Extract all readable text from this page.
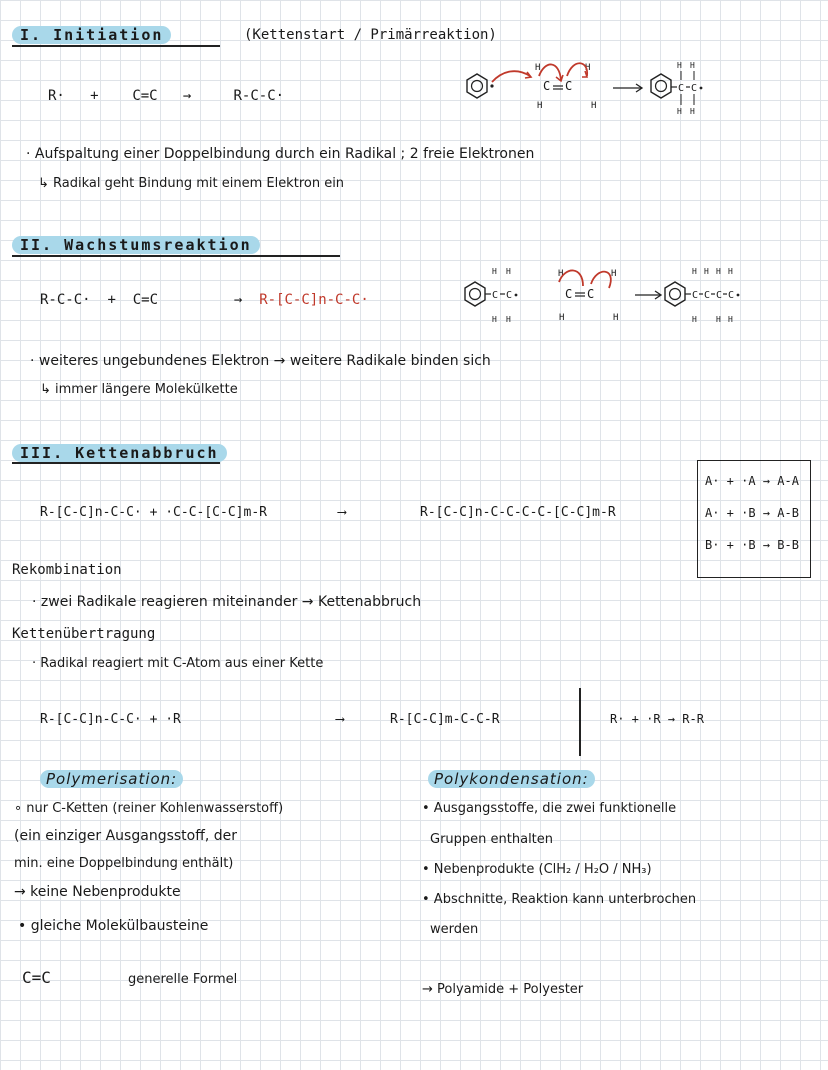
I. Initiation	(Kettenstart / Primärreaktion)
R· + C=C →	R-C-C·
H
C C
H
H	H
C C
H H
H H
· Aufspaltung einer Doppelbindung durch ein Radikal ; 2 freie Elektronen
↳ Radikal geht Bindung mit einem Elektron ein
II. Wachstumsreaktion
R-C-C· + C=C	→ R-[C-C]n-C-C·	C C
H H
H H
H
C C
H
H	H
C C C C
H H H H
H H H
· weiteres ungebundenes Elektron → weitere Radikale binden sich
↳ immer längere Molekülkette
III. Kettenabbruch
R-[C-C]n-C-C· + ·C-C-[C-C]m-R	⟶	R-[C-C]n-C-C-C-C-[C-C]m-R
A· + ·A → A-A
A· + ·B → A-B
B· + ·B → B-B
Rekombination
· zwei Radikale reagieren miteinander → Kettenabbruch
Kettenübertragung
· Radikal reagiert mit C-Atom aus einer Kette
R-[C-C]n-C-C· + ·R	⟶	R-[C-C]m-C-C-R	R· + ·R → R-R
Polymerisation:
∘ nur C-Ketten (reiner Kohlenwasserstoff)
(ein einziger Ausgangsstoff, der
min. eine Doppelbindung enthält)
→ keine Nebenprodukte
• gleiche Molekülbausteine
C=C	generelle Formel
Polykondensation:
• Ausgangsstoffe, die zwei funktionelle
Gruppen enthalten
• Nebenprodukte (ClH₂ / H₂O / NH₃)
• Abschnitte, Reaktion kann unterbrochen
werden
→ Polyamide + Polyester
